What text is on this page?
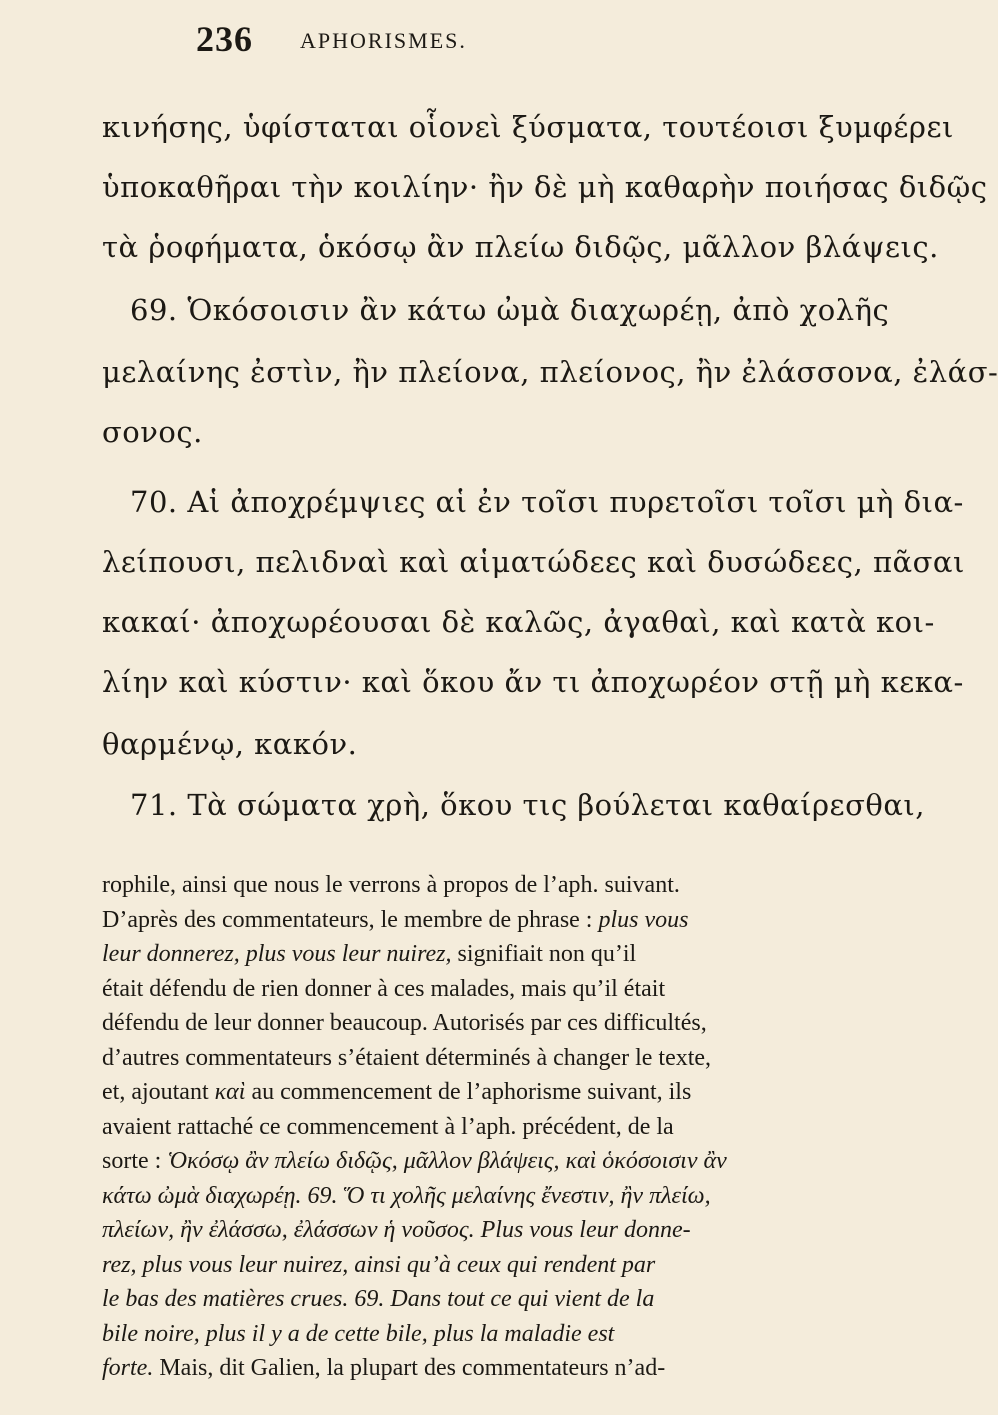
236 APHORISMES.
κινήσης, ὑφίσταται οἷονεὶ ξύσματα, τουτέοισι ξυμφέρει
ὑποκαθῆραι τὴν κοιλίην· ἢν δὲ μὴ καθαρὴν ποιήσας διδῷς
τὰ ῥοφήματα, ὁκόσῳ ἂν πλείω διδῷς, μᾶλλον βλάψεις.
69. Ὁκόσοισιν ἂν κάτω ὠμὰ διαχωρέῃ, ἀπὸ χολῆς
μελαίνης ἐστὶν, ἢν πλείονα, πλείονος, ἢν ἐλάσσονα, ἐλάσ-
σονος.
70. Αἱ ἀποχρέμψιες αἱ ἐν τοῖσι πυρετοῖσι τοῖσι μὴ δια-
λείπουσι, πελιδναὶ καὶ αἱματώδεες καὶ δυσώδεες, πᾶσαι
κακαί· ἀποχωρέουσαι δὲ καλῶς, ἀγαθαὶ, καὶ κατὰ κοι-
λίην καὶ κύστιν· καὶ ὅκου ἄν τι ἀποχωρέον στῇ μὴ κεκα-
θαρμένῳ, κακόν.
71. Τὰ σώματα χρὴ, ὅκου τις βούλεται καθαίρεσθαι,
rophile, ainsi que nous le verrons à propos de l’aph. suivant.
D’après des commentateurs, le membre de phrase : plus vous
leur donnerez, plus vous leur nuirez, signifiait non qu’il
était défendu de rien donner à ces malades, mais qu’il était
défendu de leur donner beaucoup. Autorisés par ces difficultés,
d’autres commentateurs s’étaient déterminés à changer le texte,
et, ajoutant καὶ au commencement de l’aphorisme suivant, ils
avaient rattaché ce commencement à l’aph. précédent, de la
sorte : Ὁκόσῳ ἂν πλείω διδῷς, μᾶλλον βλάψεις, καὶ ὁκόσοισιν ἂν
κάτω ὠμὰ διαχωρέῃ. 69. Ὅ τι χολῆς μελαίνης ἔνεστιν, ἢν πλείω,
πλείων, ἢν ἐλάσσω, ἐλάσσων ἡ νοῦσος. Plus vous leur donne-
rez, plus vous leur nuirez, ainsi qu’à ceux qui rendent par
le bas des matières crues. 69. Dans tout ce qui vient de la
bile noire, plus il y a de cette bile, plus la maladie est
forte. Mais, dit Galien, la plupart des commentateurs n’ad-
